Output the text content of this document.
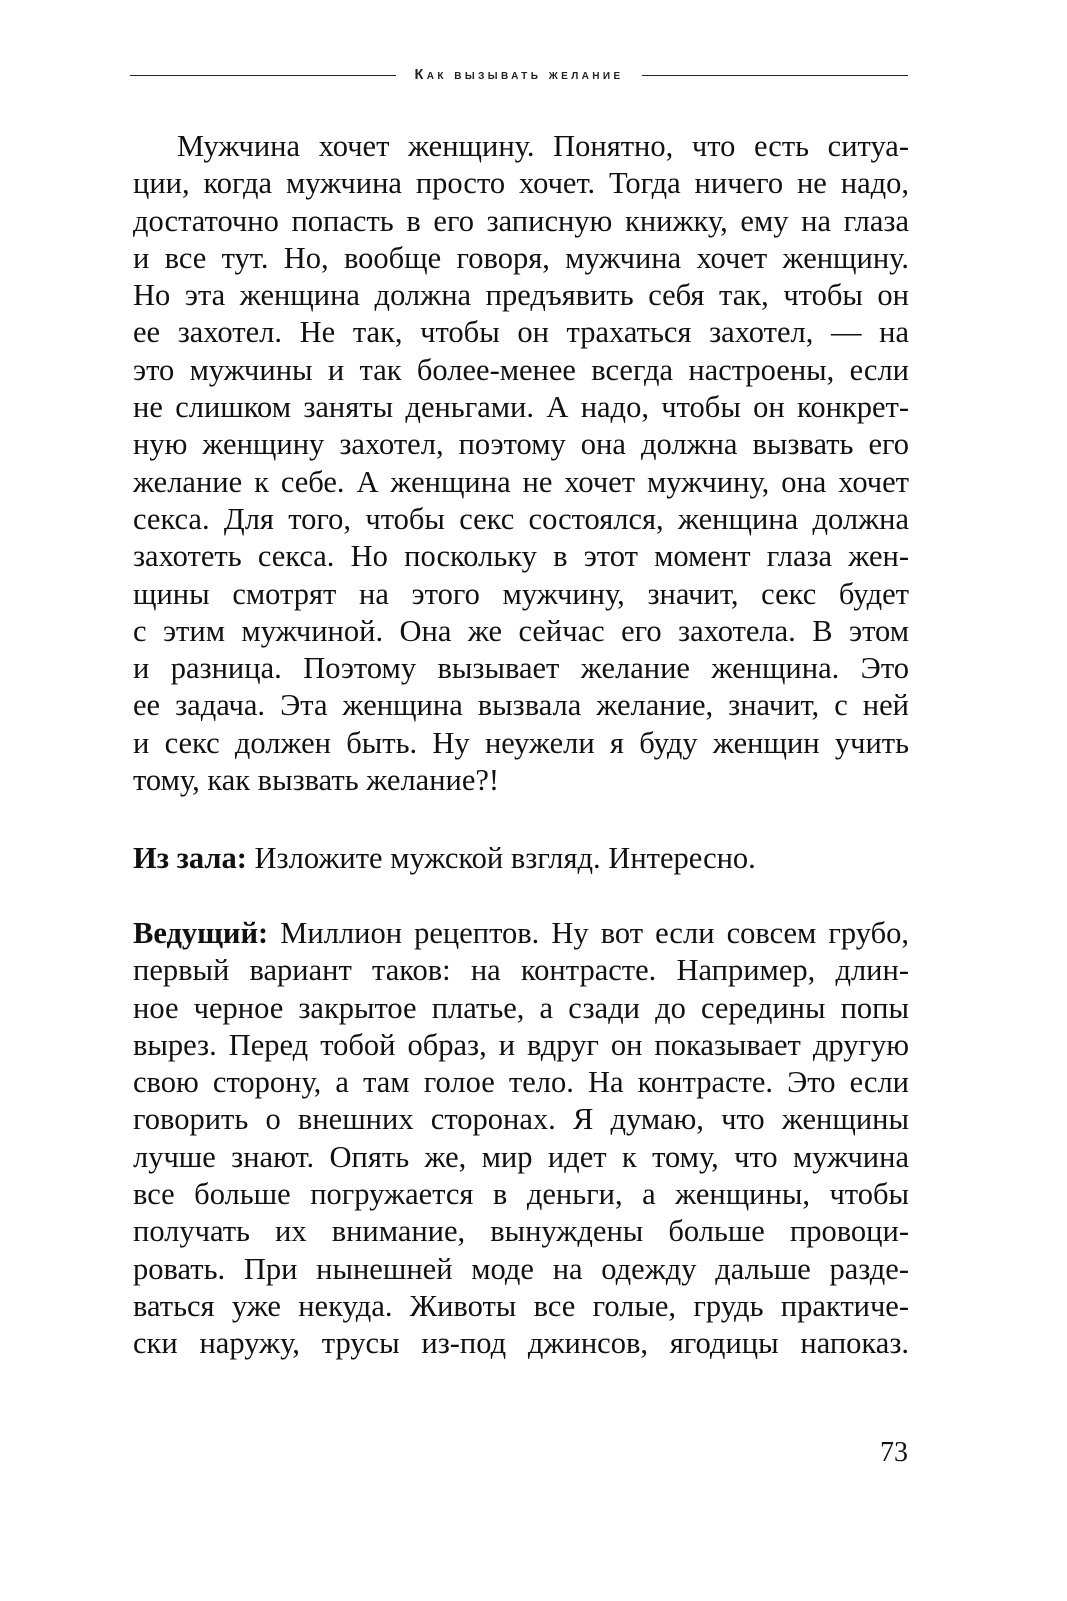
Как вызывать желание
Мужчина хочет женщину. Понятно, что есть ситуа-
ции, когда мужчина просто хочет. Тогда ничего не надо,
достаточно попасть в его записную книжку, ему на глаза
и все тут. Но, вообще говоря, мужчина хочет женщину.
Но эта женщина должна предъявить себя так, чтобы он
ее захотел. Не так, чтобы он трахаться захотел, — на
это мужчины и так более-менее всегда настроены, если
не слишком заняты деньгами. А надо, чтобы он конкрет-
ную женщину захотел, поэтому она должна вызвать его
желание к себе. А женщина не хочет мужчину, она хочет
секса. Для того, чтобы секс состоялся, женщина должна
захотеть секса. Но поскольку в этот момент глаза жен-
щины смотрят на этого мужчину, значит, секс будет
с этим мужчиной. Она же сейчас его захотела. В этом
и разница. Поэтому вызывает желание женщина. Это
ее задача. Эта женщина вызвала желание, значит, с ней
и секс должен быть. Ну неужели я буду женщин учить
тому, как вызвать желание?!
Из зала: Изложите мужской взгляд. Интересно.
Ведущий: Миллион рецептов. Ну вот если совсем грубо,
первый вариант таков: на контрасте. Например, длин-
ное черное закрытое платье, а сзади до середины попы
вырез. Перед тобой образ, и вдруг он показывает другую
свою сторону, а там голое тело. На контрасте. Это если
говорить о внешних сторонах. Я думаю, что женщины
лучше знают. Опять же, мир идет к тому, что мужчина
все больше погружается в деньги, а женщины, чтобы
получать их внимание, вынуждены больше провоци-
ровать. При нынешней моде на одежду дальше разде-
ваться уже некуда. Животы все голые, грудь практиче-
ски наружу, трусы из-под джинсов, ягодицы напоказ.
73
